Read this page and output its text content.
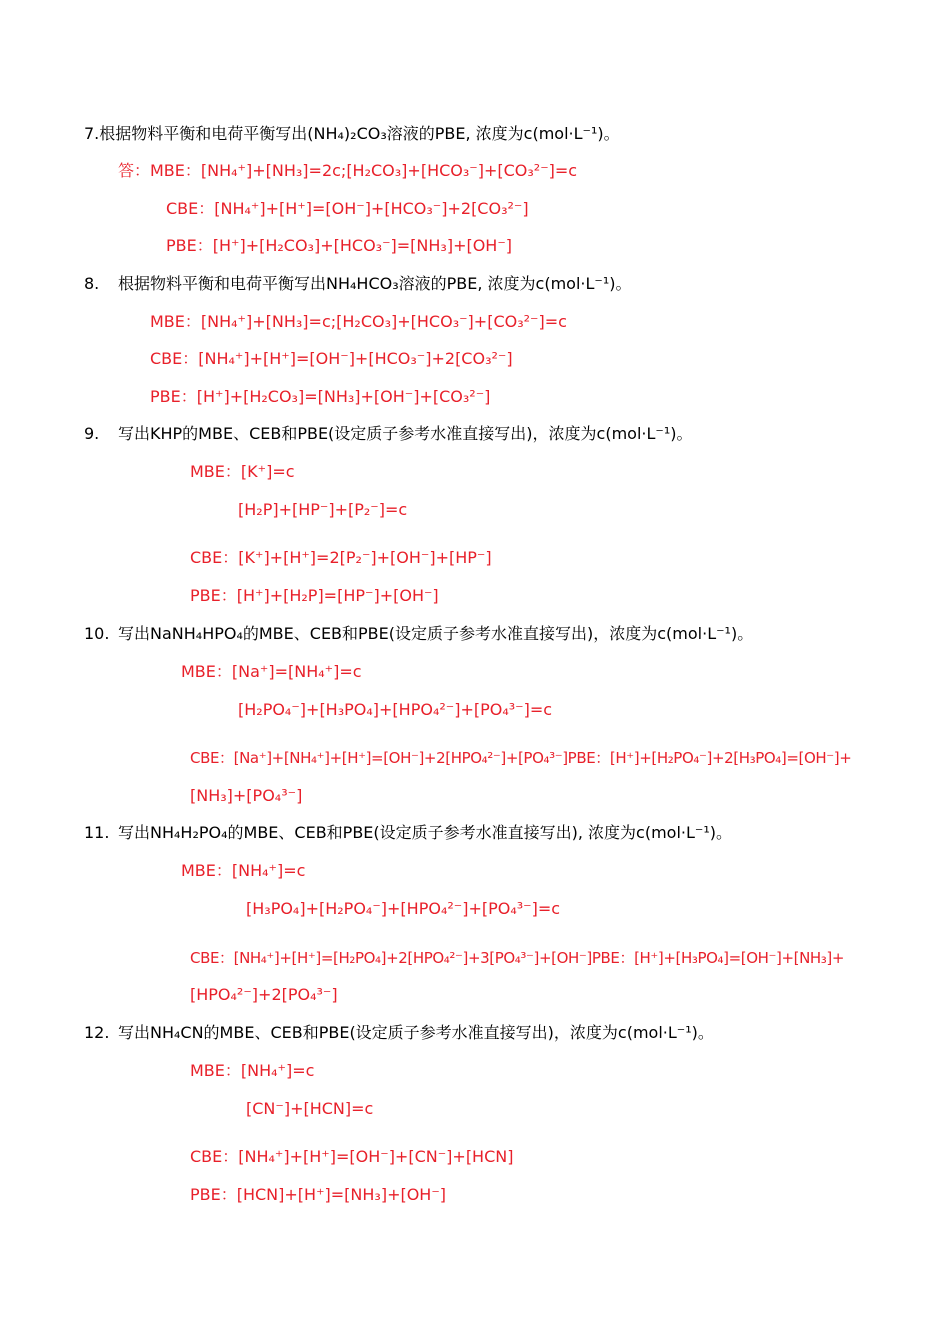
7.根据物料平衡和电荷平衡写出(NH₄)₂CO₃溶液的PBE, 浓度为c(mol·L⁻¹)。
答：MBE：[NH₄⁺]+[NH₃]=2c;[H₂CO₃]+[HCO₃⁻]+[CO₃²⁻]=c
CBE：[NH₄⁺]+[H⁺]=[OH⁻]+[HCO₃⁻]+2[CO₃²⁻]
PBE：[H⁺]+[H₂CO₃]+[HCO₃⁻]=[NH₃]+[OH⁻]
8. 根据物料平衡和电荷平衡写出NH₄HCO₃溶液的PBE, 浓度为c(mol·L⁻¹)。
MBE：[NH₄⁺]+[NH₃]=c;[H₂CO₃]+[HCO₃⁻]+[CO₃²⁻]=c
CBE：[NH₄⁺]+[H⁺]=[OH⁻]+[HCO₃⁻]+2[CO₃²⁻]
PBE：[H⁺]+[H₂CO₃]=[NH₃]+[OH⁻]+[CO₃²⁻]
9. 写出KHP的MBE、CEB和PBE(设定质子参考水准直接写出)，浓度为c(mol·L⁻¹)。
MBE：[K⁺]=c
[H₂P]+[HP⁻]+[P₂⁻]=c
CBE：[K⁺]+[H⁺]=2[P₂⁻]+[OH⁻]+[HP⁻]
PBE：[H⁺]+[H₂P]=[HP⁻]+[OH⁻]
10. 写出NaNH₄HPO₄的MBE、CEB和PBE(设定质子参考水准直接写出)，浓度为c(mol·L⁻¹)。
MBE：[Na⁺]=[NH₄⁺]=c
[H₂PO₄⁻]+[H₃PO₄]+[HPO₄²⁻]+[PO₄³⁻]=c
CBE：[Na⁺]+[NH₄⁺]+[H⁺]=[OH⁻]+2[HPO₄²⁻]+[PO₄³⁻]PBE：[H⁺]+[H₂PO₄⁻]+2[H₃PO₄]=[OH⁻]+
[NH₃]+[PO₄³⁻]
11. 写出NH₄H₂PO₄的MBE、CEB和PBE(设定质子参考水准直接写出), 浓度为c(mol·L⁻¹)。
MBE：[NH₄⁺]=c
[H₃PO₄]+[H₂PO₄⁻]+[HPO₄²⁻]+[PO₄³⁻]=c
CBE：[NH₄⁺]+[H⁺]=[H₂PO₄]+2[HPO₄²⁻]+3[PO₄³⁻]+[OH⁻]PBE：[H⁺]+[H₃PO₄]=[OH⁻]+[NH₃]+
[HPO₄²⁻]+2[PO₄³⁻]
12. 写出NH₄CN的MBE、CEB和PBE(设定质子参考水准直接写出)，浓度为c(mol·L⁻¹)。
MBE：[NH₄⁺]=c
[CN⁻]+[HCN]=c
CBE：[NH₄⁺]+[H⁺]=[OH⁻]+[CN⁻]+[HCN]
PBE：[HCN]+[H⁺]=[NH₃]+[OH⁻]
